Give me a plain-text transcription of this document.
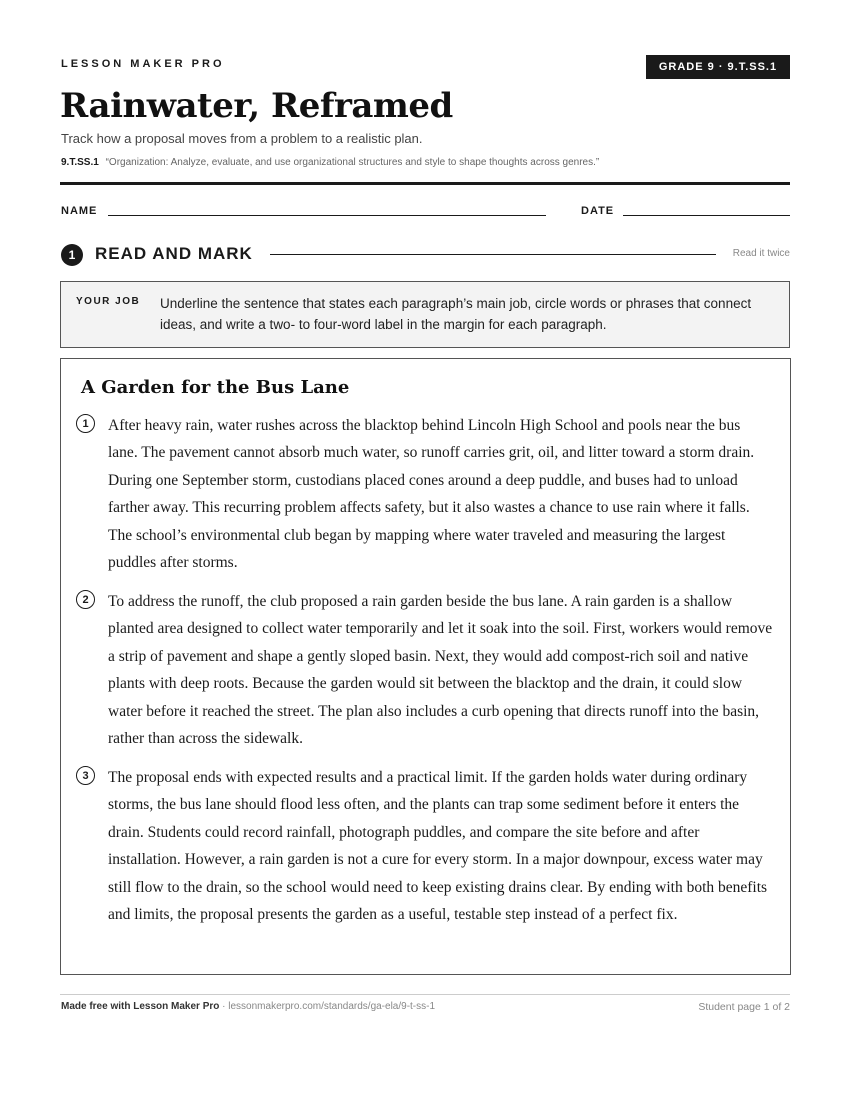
LESSON MAKER PRO	GRADE 9 · 9.T.SS.1
Rainwater, Reframed
Track how a proposal moves from a problem to a realistic plan.
9.T.SS.1 “Organization: Analyze, evaluate, and use organizational structures and style to shape thoughts across genres.”
NAME	DATE
1	READ AND MARK	Read it twice
YOUR JOB Underline the sentence that states each paragraph’s main job, circle words or phrases that connect ideas, and write a two- to four-word label in the margin for each paragraph.
A Garden for the Bus Lane
1	After heavy rain, water rushes across the blacktop behind Lincoln High School and pools near the bus lane. The pavement cannot absorb much water, so runoff carries grit, oil, and litter toward a storm drain. During one September storm, custodians placed cones around a deep puddle, and buses had to unload farther away. This recurring problem affects safety, but it also wastes a chance to use rain where it falls. The school’s environmental club began by mapping where water traveled and measuring the largest puddles after storms.
2	To address the runoff, the club proposed a rain garden beside the bus lane. A rain garden is a shallow planted area designed to collect water temporarily and let it soak into the soil. First, workers would remove a strip of pavement and shape a gently sloped basin. Next, they would add compost-rich soil and native plants with deep roots. Because the garden would sit between the blacktop and the drain, it could slow water before it reached the street. The plan also includes a curb opening that directs runoff into the basin, rather than across the sidewalk.
3	The proposal ends with expected results and a practical limit. If the garden holds water during ordinary storms, the bus lane should flood less often, and the plants can trap some sediment before it enters the drain. Students could record rainfall, photograph puddles, and compare the site before and after installation. However, a rain garden is not a cure for every storm. In a major downpour, excess water may still flow to the drain, so the school would need to keep existing drains clear. By ending with both benefits and limits, the proposal presents the garden as a useful, testable step instead of a perfect fix.
Made free with Lesson Maker Pro · lessonmakerpro.com/standards/ga-ela/9-t-ss-1	Student page 1 of 2
